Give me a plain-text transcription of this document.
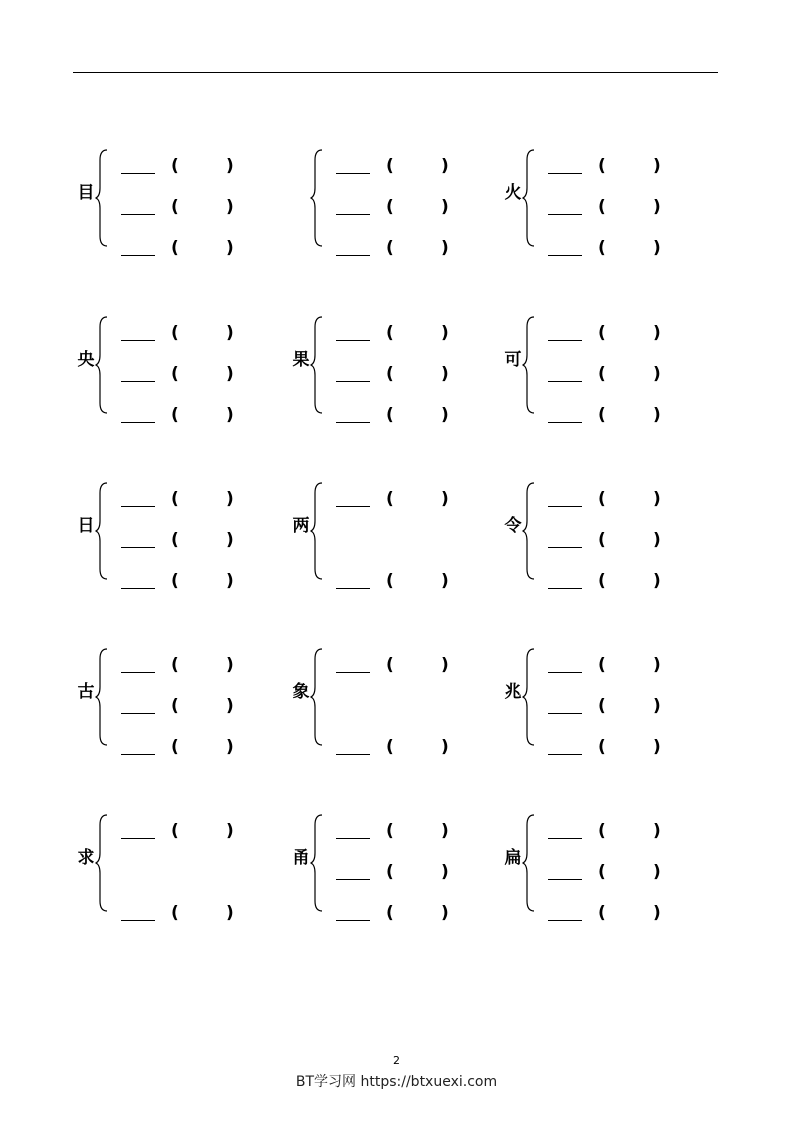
目
(	)
(	)
(	)
(	)
(	)
(	)
火
(	)
(	)
(	)
央
(	)
(	)
(	)
果
(	)
(	)
(	)
可
(	)
(	)
(	)
日
(	)
(	)
(	)
两
(	)
(	)
令
(	)
(	)
(	)
古
(	)
(	)
(	)
象
(	)
(	)
兆
(	)
(	)
(	)
求
(	)
(	)
甬
(	)
(	)
(	)
扁
(	)
(	)
(	)
2
BT学习网 https://btxuexi.com
